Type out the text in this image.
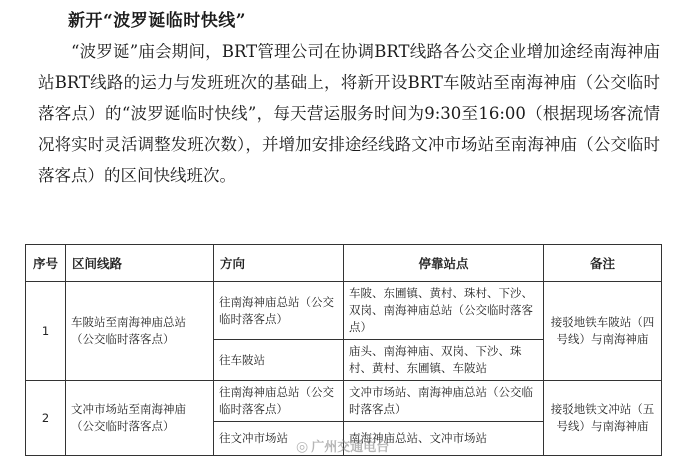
新开“波罗诞临时快线”
“波罗诞”庙会期间，BRT管理公司在协调BRT线路各公交企业增加途经南海神庙站BRT线路的运力与发班班次的基础上，将新开设BRT车陂站至南海神庙（公交临时落客点）的“波罗诞临时快线”，每天营运服务时间为9:30至16:00（根据现场客流情况将实时灵活调整发班次数），并增加安排途经线路文冲市场站至南海神庙（公交临时落客点）的区间快线班次。
序号	区间线路	方向	停靠站点	备注
1	车陂站至南海神庙总站（公交临时落客点）	往南海神庙总站（公交临时落客点）	车陂、东圃镇、黄村、珠村、下沙、双岗、南海神庙总站（公交临时落客点）	接驳地铁车陂站（四号线）与南海神庙
		往车陂站	庙头、南海神庙、双岗、下沙、珠村、黄村、东圃镇、车陂站	
2	文冲市场站至南海神庙（公交临时落客点）	往南海神庙总站（公交临时落客点）	文冲市场站、南海神庙总站（公交临时落客点）	接驳地铁文冲站（五号线）与南海神庙
		往文冲市场站	南海神庙总站、文冲市场站	
◎ 广州交通电台
